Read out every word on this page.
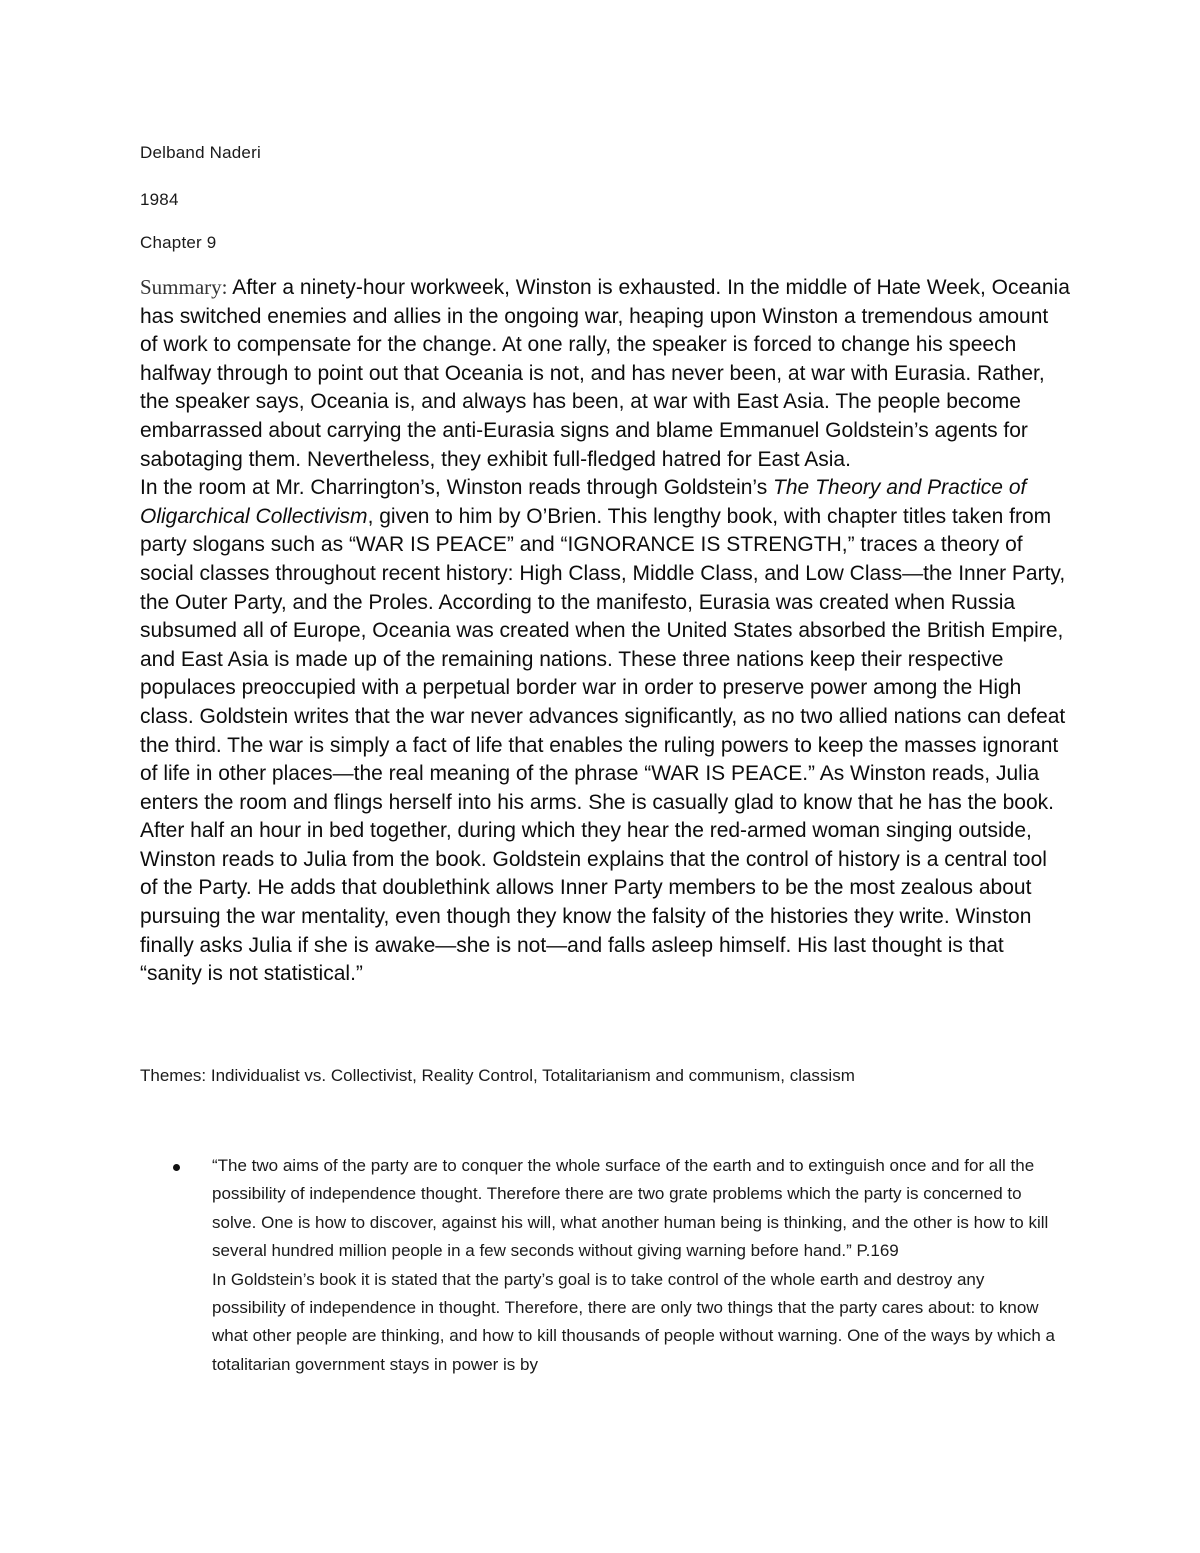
Delband Naderi
1984
Chapter 9

Summary: After a ninety-hour workweek, Winston is exhausted. In the middle of Hate Week, Oceania has switched enemies and allies in the ongoing war, heaping upon Winston a tremendous amount of work to compensate for the change. At one rally, the speaker is forced to change his speech halfway through to point out that Oceania is not, and has never been, at war with Eurasia. Rather, the speaker says, Oceania is, and always has been, at war with East Asia. The people become embarrassed about carrying the anti-Eurasia signs and blame Emmanuel Goldstein’s agents for sabotaging them. Nevertheless, they exhibit full-fledged hatred for East Asia.

In the room at Mr. Charrington’s, Winston reads through Goldstein’s The Theory and Practice of Oligarchical Collectivism, given to him by O’Brien. This lengthy book, with chapter titles taken from party slogans such as “WAR IS PEACE” and “IGNORANCE IS STRENGTH,” traces a theory of social classes throughout recent history: High Class, Middle Class, and Low Class—the Inner Party, the Outer Party, and the Proles. According to the manifesto, Eurasia was created when Russia subsumed all of Europe, Oceania was created when the United States absorbed the British Empire, and East Asia is made up of the remaining nations. These three nations keep their respective populaces preoccupied with a perpetual border war in order to preserve power among the High class. Goldstein writes that the war never advances significantly, as no two allied nations can defeat the third. The war is simply a fact of life that enables the ruling powers to keep the masses ignorant of life in other places—the real meaning of the phrase “WAR IS PEACE.” As Winston reads, Julia enters the room and flings herself into his arms. She is casually glad to know that he has the book. After half an hour in bed together, during which they hear the red-armed woman singing outside, Winston reads to Julia from the book. Goldstein explains that the control of history is a central tool of the Party. He adds that doublethink allows Inner Party members to be the most zealous about pursuing the war mentality, even though they know the falsity of the histories they write. Winston finally asks Julia if she is awake—she is not—and falls asleep himself. His last thought is that “sanity is not statistical.”

Themes: Individualist vs. Collectivist, Reality Control, Totalitarianism and communism, classism

“The two aims of the party are to conquer the whole surface of the earth and to extinguish once and for all the possibility of independence thought. Therefore there are two grate problems which the party is concerned to solve. One is how to discover, against his will, what another human being is thinking, and the other is how to kill several hundred million people in a few seconds without giving warning before hand.” P.169

In Goldstein’s book it is stated that the party’s goal is to take control of the whole earth and destroy any possibility of independence in thought. Therefore, there are only two things that the party cares about: to know what other people are thinking, and how to kill thousands of people without warning. One of the ways by which a totalitarian government stays in power is by
